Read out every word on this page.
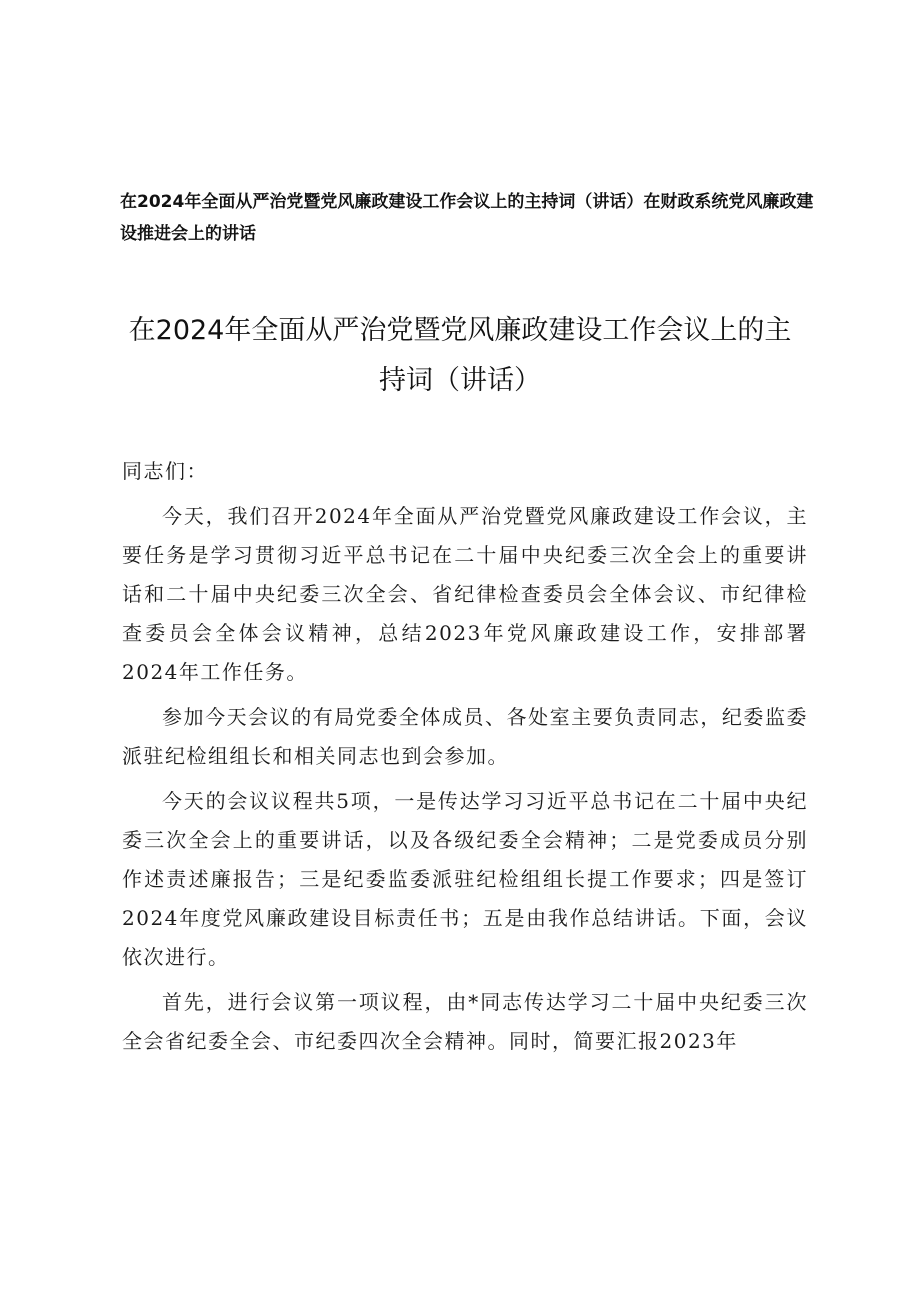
在2024年全面从严治党暨党风廉政建设工作会议上的主持词（讲话）在财政系统党风廉政建设推进会上的讲话
在2024年全面从严治党暨党风廉政建设工作会议上的主持词（讲话）

同志们：

今天，我们召开2024年全面从严治党暨党风廉政建设工作会议，主要任务是学习贯彻习近平总书记在二十届中央纪委三次全会上的重要讲话和二十届中央纪委三次全会、省纪律检查委员会全体会议、市纪律检查委员会全体会议精神，总结2023年党风廉政建设工作，安排部署2024年工作任务。

参加今天会议的有局党委全体成员、各处室主要负责同志，纪委监委派驻纪检组组长和相关同志也到会参加。

今天的会议议程共5项，一是传达学习习近平总书记在二十届中央纪委三次全会上的重要讲话，以及各级纪委全会精神；二是党委成员分别作述责述廉报告；三是纪委监委派驻纪检组组长提工作要求；四是签订2024年度党风廉政建设目标责任书；五是由我作总结讲话。下面，会议依次进行。

首先，进行会议第一项议程，由*同志传达学习二十届中央纪委三次全会省纪委全会、市纪委四次全会精神。同时，简要汇报2023年
